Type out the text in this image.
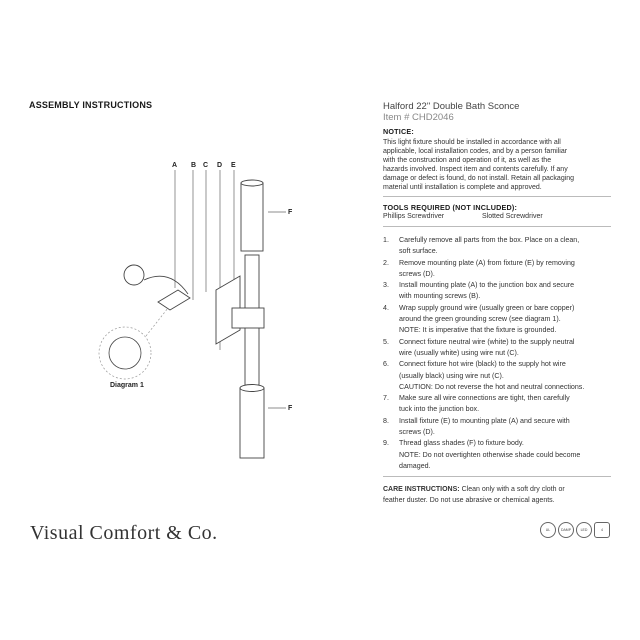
ASSEMBLY INSTRUCTIONS	Halford 22" Double Bath Sconce
Item # CHD2046
NOTICE:
This light fixture should be installed in accordance with all
applicable, local installation codes, and by a person familiar
with the construction and operation of it, as well as the
hazards involved. Inspect item and contents carefully. If any
damage or defect is found, do not install. Retain all packaging
material until installation is complete and approved.
TOOLS REQUIRED (NOT INCLUDED):
Phillips Screwdriver	Slotted Screwdriver
1.	Carefully remove all parts from the box. Place on a clean,
soft surface.
2.	Remove mounting plate (A) from fixture (E) by removing
screws (D).
3.	Install mounting plate (A) to the junction box and secure
with mounting screws (B).
4.	Wrap supply ground wire (usually green or bare copper)
around the green grounding screw (see diagram 1).
NOTE: It is imperative that the fixture is grounded.
5.	Connect fixture neutral wire (white) to the supply neutral
wire (usually white) using wire nut (C).
6.	Connect fixture hot wire (black) to the supply hot wire
(usually black) using wire nut (C).
CAUTION: Do not reverse the hot and neutral connections.
7.	Make sure all wire connections are tight, then carefully
tuck into the junction box.
8.	Install fixture (E) to mounting plate (A) and secure with
screws (D).
9.	Thread glass shades (F) to fixture body.
NOTE: Do not overtighten otherwise shade could become
damaged.
CARE INSTRUCTIONS: Clean only with a soft dry cloth or
feather duster. Do not use abrasive or chemical agents.
Visual Comfort & Co.	UL	DAMP	LED	4
A B C D E
F
F
Diagram 1
